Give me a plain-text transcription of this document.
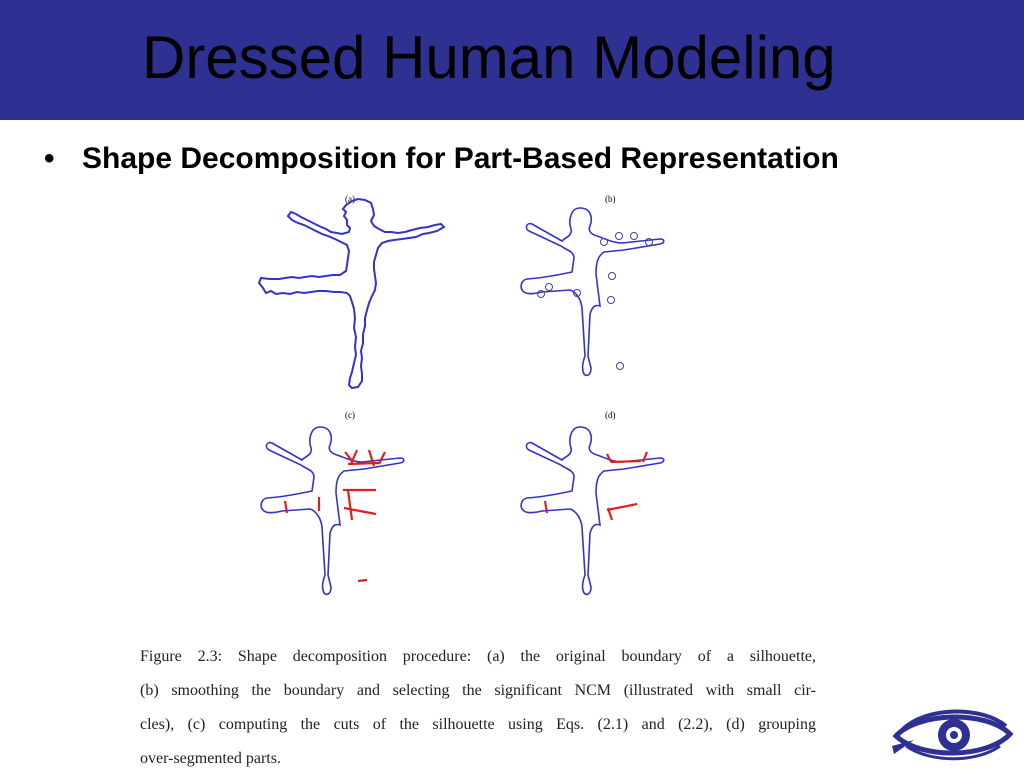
Dressed Human Modeling
• Shape Decomposition for Part-Based Representation
(a)	(b)
(c)	(d)
Figure 2.3: Shape decomposition procedure: (a) the original boundary of a silhouette,
(b) smoothing the boundary and selecting the significant NCM (illustrated with small cir-
cles), (c) computing the cuts of the silhouette using Eqs. (2.1) and (2.2), (d) grouping
over-segmented parts.
